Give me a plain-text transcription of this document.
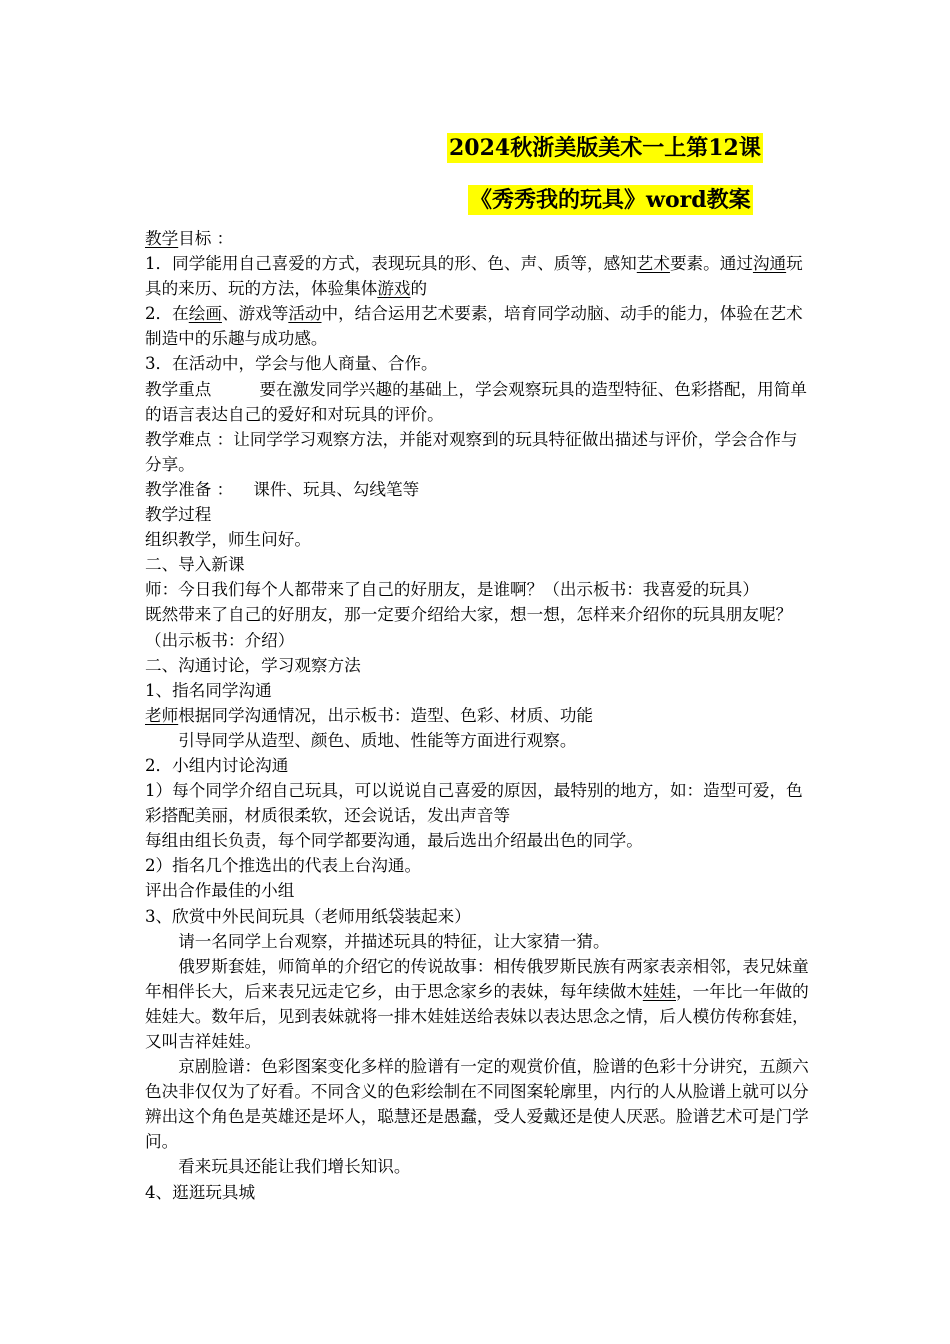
2024秋浙美版美术一上第12课
《秀秀我的玩具》word教案

教学目标 ：

1．同学能用自己喜爱的方式，表现玩具的形、色、声、质等，感知艺术要素。通过沟通玩具的来历、玩的方法，体验集体游戏的

2．在绘画、游戏等活动中，结合运用艺术要素，培育同学动脑、动手的能力，体验在艺术制造中的乐趣与成功感。

3．在活动中，学会与他人商量、合作。

教学重点	要在激发同学兴趣的基础上，学会观察玩具的造型特征、色彩搭配，用简单的语言表达自己的爱好和对玩具的评价。

教学难点 ：让同学学习观察方法，并能对观察到的玩具特征做出描述与评价，学会合作与分享。

教学准备 ： 课件、玩具、勾线笔等

教学过程

组织教学，师生问好。

二、导入新课

师：今日我们每个人都带来了自己的好朋友，是谁啊？（出示板书：我喜爱的玩具）

既然带来了自己的好朋友，那一定要介绍给大家，想一想，怎样来介绍你的玩具朋友呢？（出示板书：介绍）

二、沟通讨论，学习观察方法

1、指名同学沟通

老师根据同学沟通情况，出示板书：造型、色彩、材质、功能

引导同学从造型、颜色、质地、性能等方面进行观察。

2．小组内讨论沟通

1）每个同学介绍自己玩具，可以说说自己喜爱的原因，最特别的地方，如：造型可爱，色彩搭配美丽，材质很柔软，还会说话，发出声音等

每组由组长负责，每个同学都要沟通，最后选出介绍最出色的同学。

2）指名几个推选出的代表上台沟通。

评出合作最佳的小组

3、欣赏中外民间玩具（老师用纸袋装起来）

请一名同学上台观察，并描述玩具的特征，让大家猜一猜。

俄罗斯套娃，师简单的介绍它的传说故事：相传俄罗斯民族有两家表亲相邻，表兄妹童年相伴长大，后来表兄远走它乡，由于思念家乡的表妹，每年续做木娃娃，一年比一年做的娃娃大。数年后，见到表妹就将一排木娃娃送给表妹以表达思念之情，后人模仿传称套娃，又叫吉祥娃娃。

京剧脸谱：色彩图案变化多样的脸谱有一定的观赏价值，脸谱的色彩十分讲究，五颜六色决非仅仅为了好看。不同含义的色彩绘制在不同图案轮廓里，内行的人从脸谱上就可以分辨出这个角色是英雄还是坏人，聪慧还是愚蠢，受人爱戴还是使人厌恶。脸谱艺术可是门学问。

看来玩具还能让我们增长知识。

4、逛逛玩具城
